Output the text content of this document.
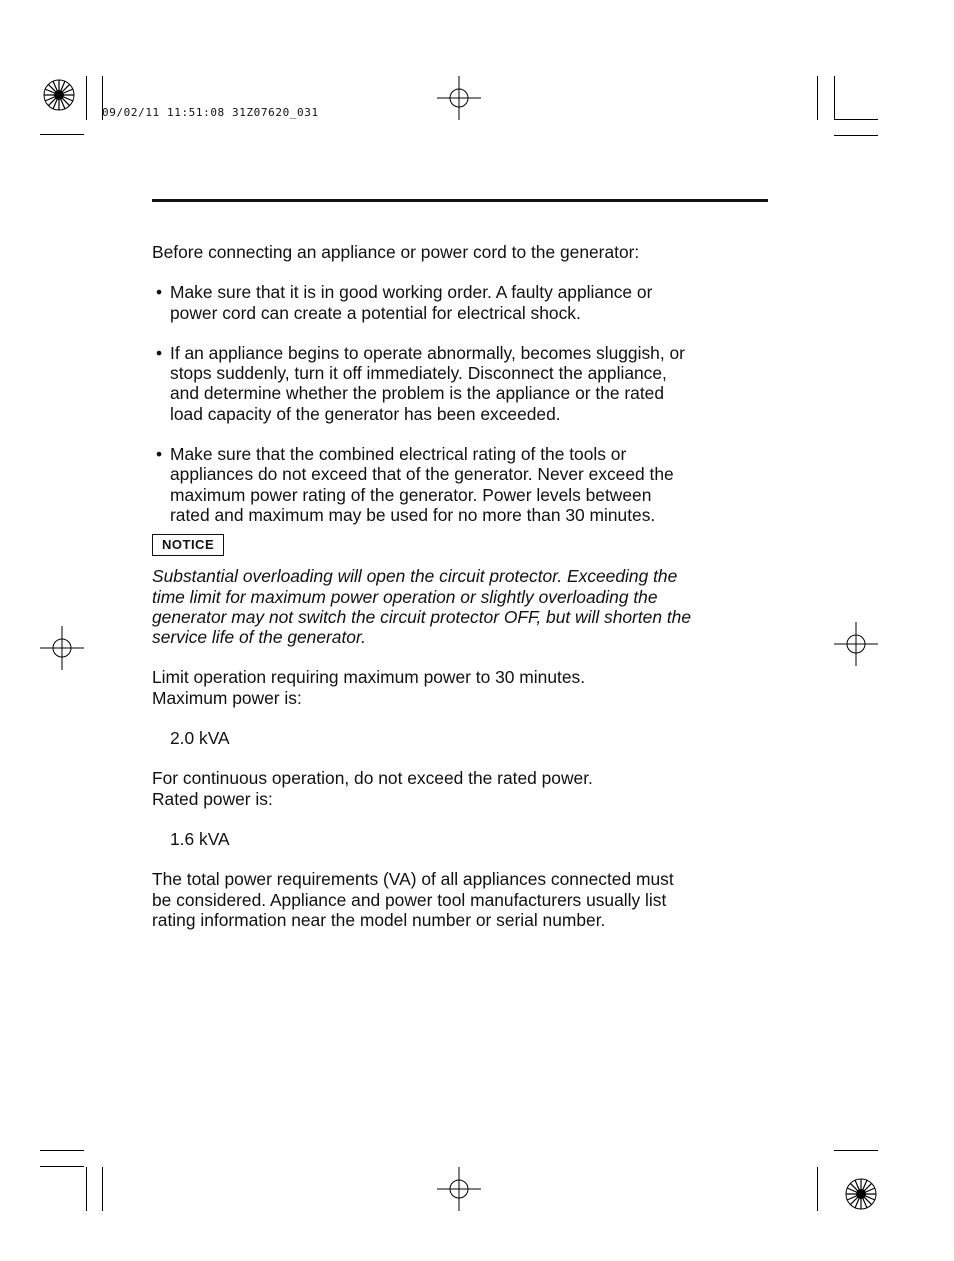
09/02/11 11:51:08 31Z07620_031

Before connecting an appliance or power cord to the generator:

• Make sure that it is in good working order. A faulty appliance or

power cord can create a potential for electrical shock.

• If an appliance begins to operate abnormally, becomes sluggish, or

stops suddenly, turn it off immediately. Disconnect the appliance,

and determine whether the problem is the appliance or the rated

load capacity of the generator has been exceeded.

• Make sure that the combined electrical rating of the tools or

appliances do not exceed that of the generator. Never exceed the

maximum power rating of the generator. Power levels between

rated and maximum may be used for no more than 30 minutes.

NOTICE

Substantial overloading will open the circuit protector. Exceeding the

time limit for maximum power operation or slightly overloading the

generator may not switch the circuit protector OFF, but will shorten the

service life of the generator.

Limit operation requiring maximum power to 30 minutes.

Maximum power is:

2.0 kVA

For continuous operation, do not exceed the rated power.

Rated power is:

1.6 kVA

The total power requirements (VA) of all appliances connected must

be considered. Appliance and power tool manufacturers usually list

rating information near the model number or serial number.
